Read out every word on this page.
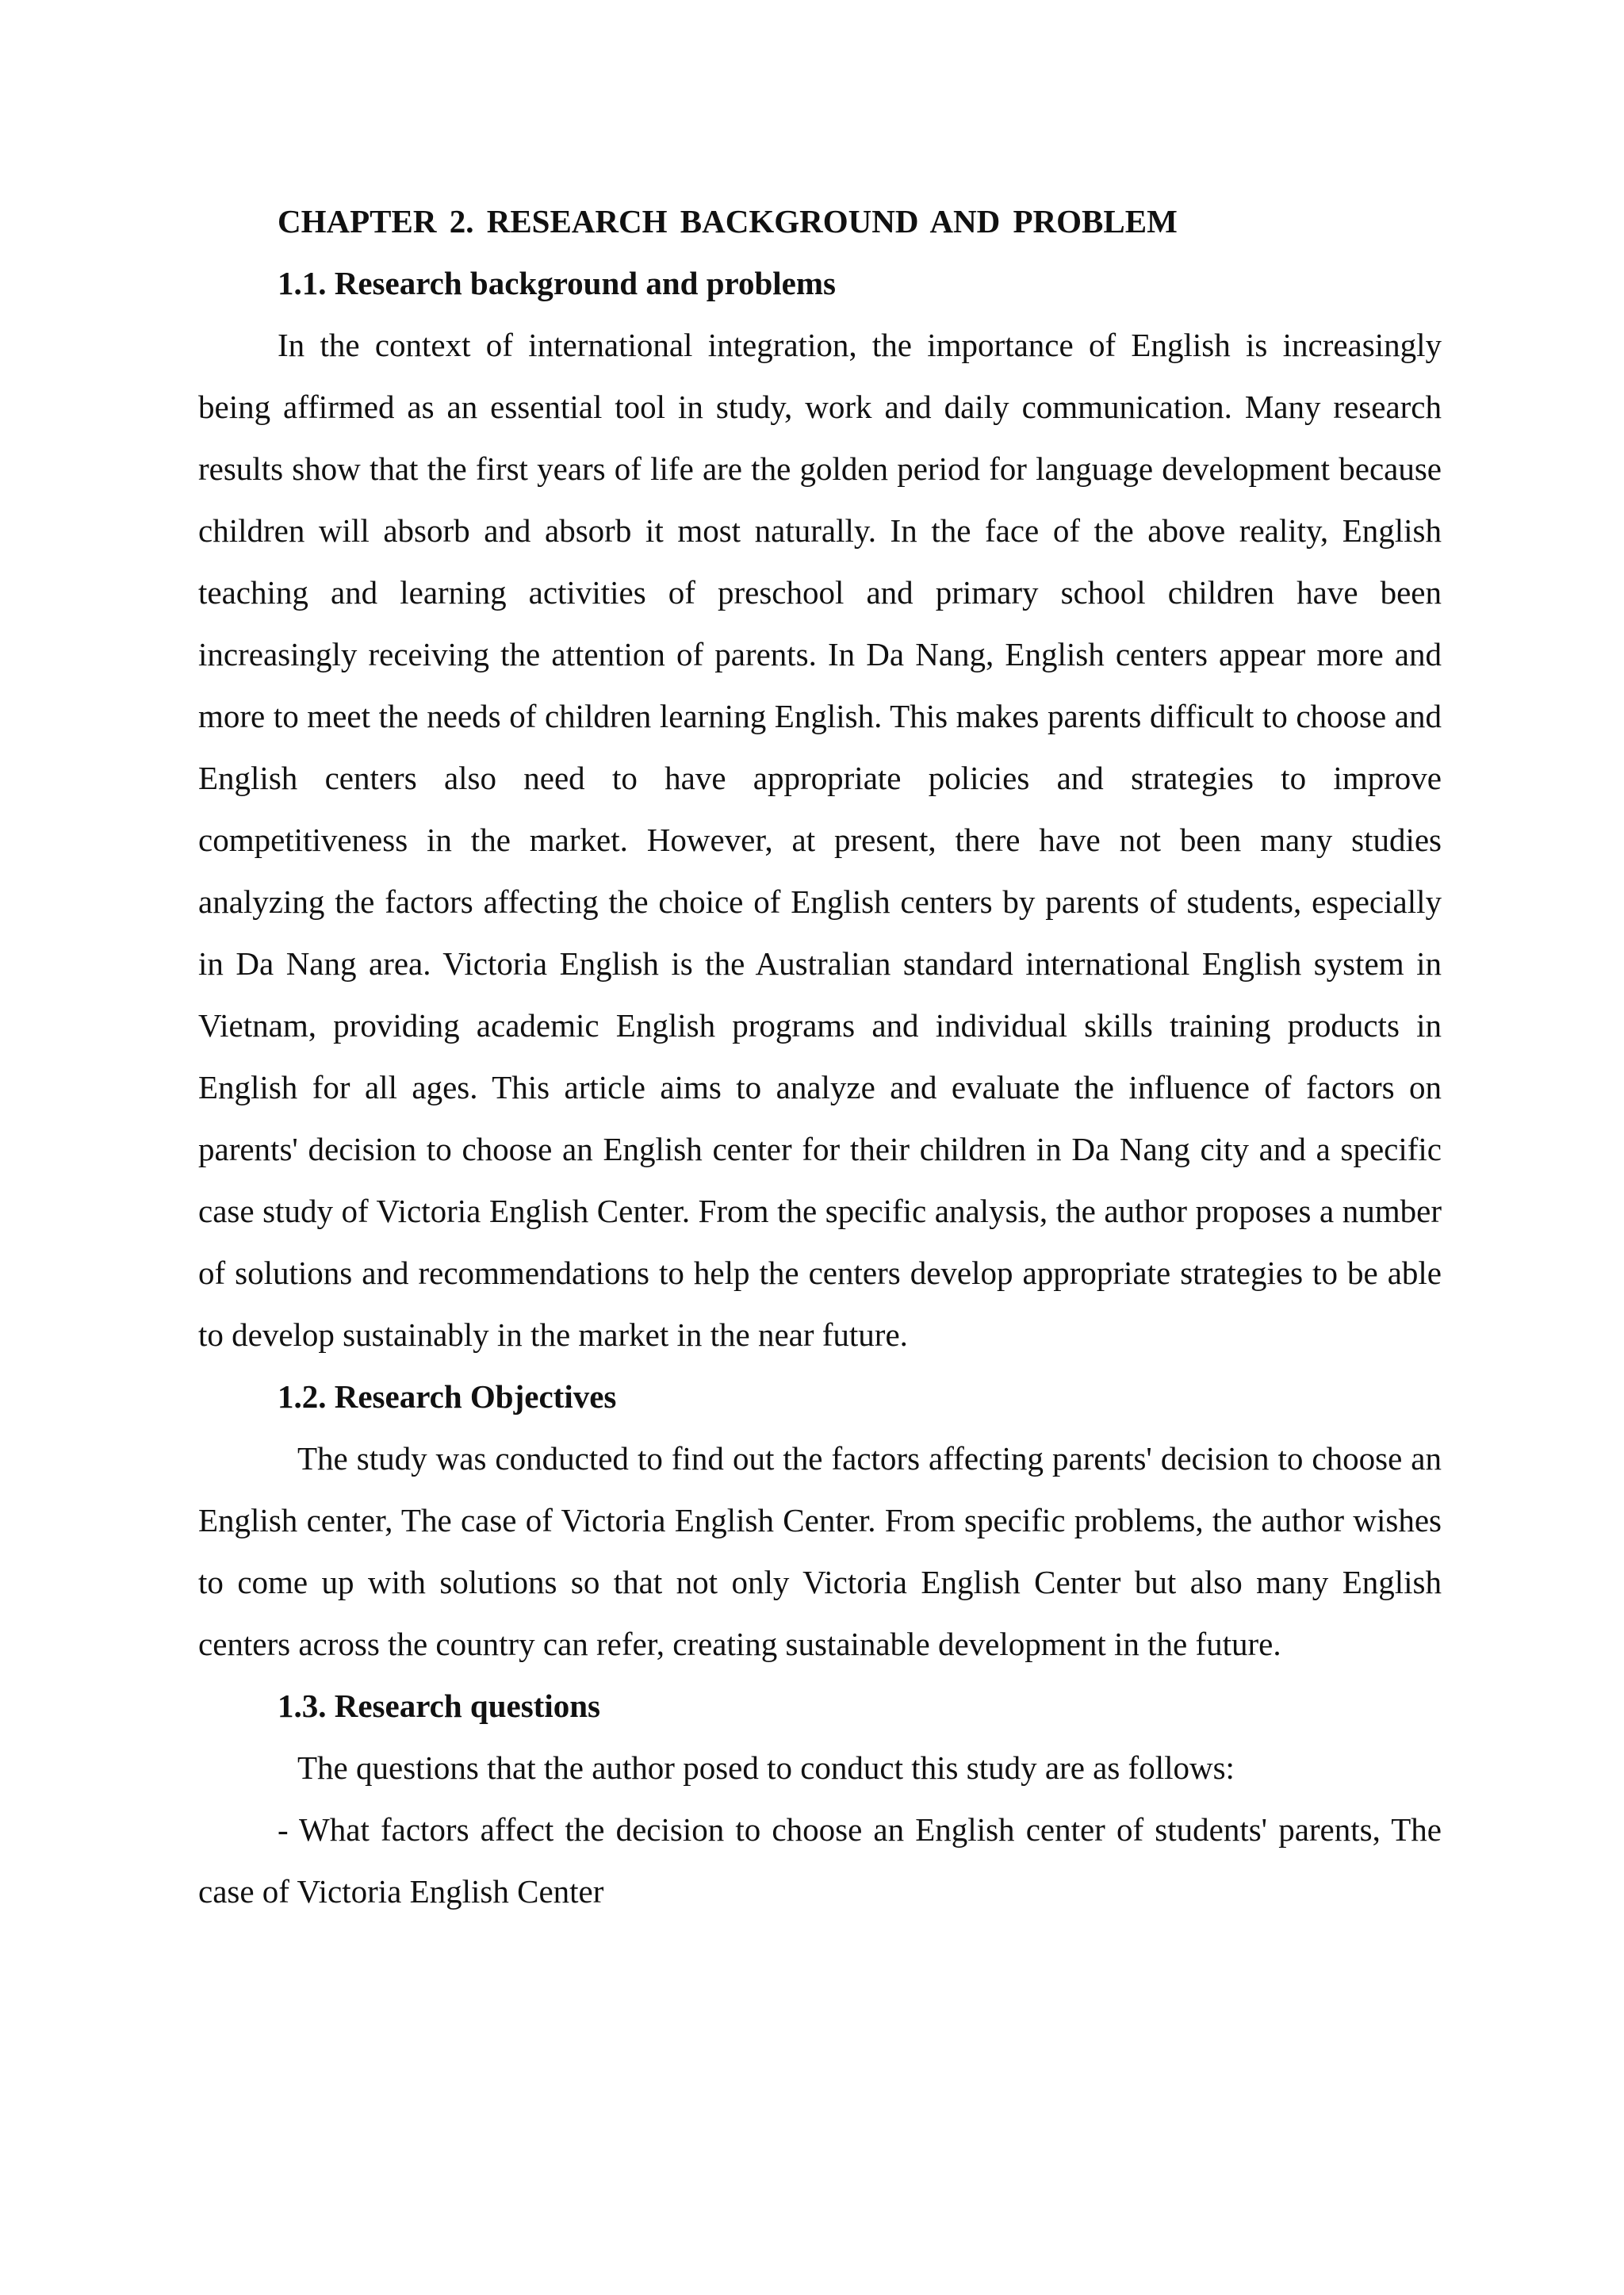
CHAPTER 2. RESEARCH BACKGROUND AND PROBLEM
1.1. Research background and problems

In the context of international integration, the importance of English is increasingly being affirmed as an essential tool in study, work and daily communication. Many research results show that the first years of life are the golden period for language development because children will absorb and absorb it most naturally. In the face of the above reality, English teaching and learning activities of preschool and primary school children have been increasingly receiving the attention of parents. In Da Nang, English centers appear more and more to meet the needs of children learning English. This makes parents difficult to choose and English centers also need to have appropriate policies and strategies to improve competitiveness in the market. However, at present, there have not been many studies analyzing the factors affecting the choice of English centers by parents of students, especially in Da Nang area. Victoria English is the Australian standard international English system in Vietnam, providing academic English programs and individual skills training products in English for all ages. This article aims to analyze and evaluate the influence of factors on parents' decision to choose an English center for their children in Da Nang city and a specific case study of Victoria English Center. From the specific analysis, the author proposes a number of solutions and recommendations to help the centers develop appropriate strategies to be able to develop sustainably in the market in the near future.

1.2. Research Objectives

The study was conducted to find out the factors affecting parents' decision to choose an English center, The case of Victoria English Center. From specific problems, the author wishes to come up with solutions so that not only Victoria English Center but also many English centers across the country can refer, creating sustainable development in the future.

1.3. Research questions

The questions that the author posed to conduct this study are as follows:

- What factors affect the decision to choose an English center of students' parents, The case of Victoria English Center
